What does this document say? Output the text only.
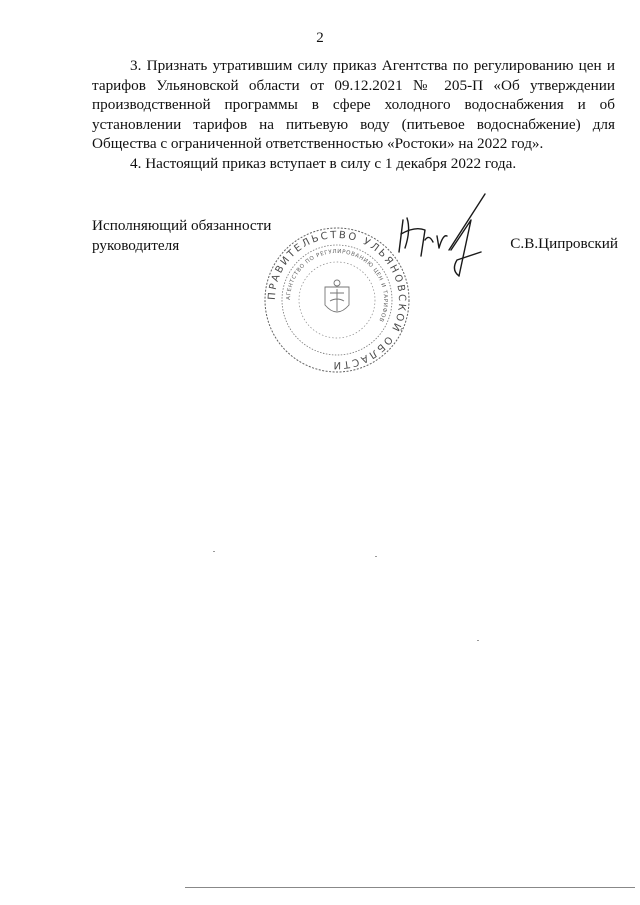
2

3. Признать утратившим силу приказ Агентства по регулированию цен и тарифов Ульяновской области от 09.12.2021 № 205-П «Об утверждении производственной программы в сфере холодного водоснабжения и об установлении тарифов на питьевую воду (питьевое водоснабжение) для Общества с ограниченной ответственностью «Ростоки» на 2022 год».

4. Настоящий приказ вступает в силу с 1 декабря 2022 года.

Исполняющий обязанности
руководителя	С.В.Ципровский
ПРАВИТЕЛЬСТВО УЛЬЯНОВСКОЙ ОБЛАСТИ
АГЕНТСТВО ПО РЕГУЛИРОВАНИЮ ЦЕН И ТАРИФОВ
